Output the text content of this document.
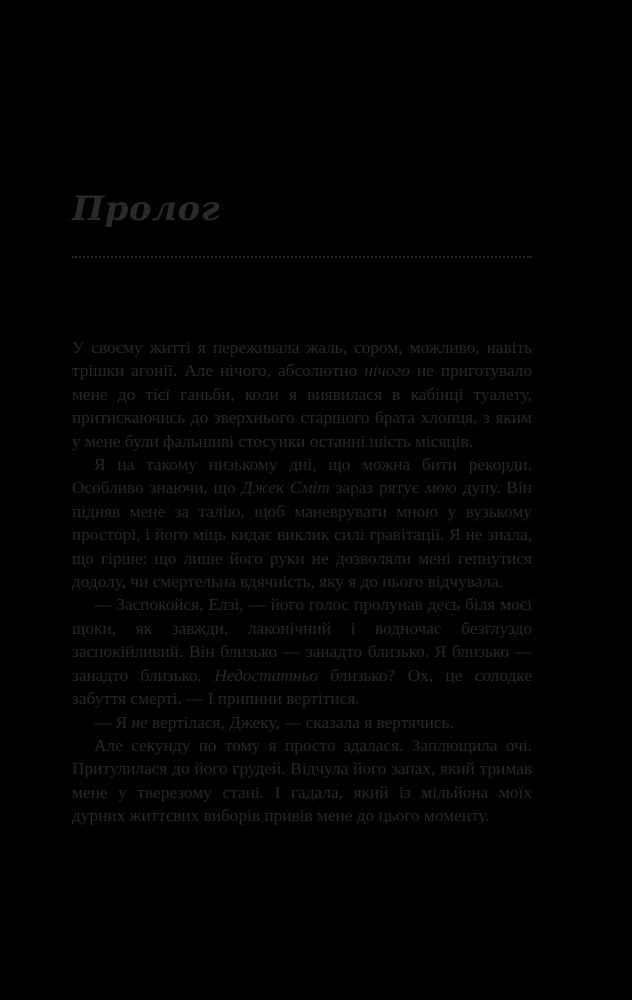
Пролог

У своєму житті я переживала жаль, сором, можливо, навіть трішки агонії. Але нічого, абсолютно нічого не приготувало мене до тієї ганьби, коли я виявилася в кабінці туалету, притискаючись до зверхнього старшого брата хлопця, з яким у мене були фальшиві стосунки останні шість місяців.

Я на такому низькому дні, що можна бити рекорди. Особливо знаючи, що Джек Сміт зараз рятує мою дупу. Він підняв мене за талію, щоб маневрувати мною у вузькому просторі, і його міць кидає виклик силі гравітації. Я не знала, що гірше: що лише його руки не дозволяли мені гепнутися додолу, чи смертельна вдячність, яку я до нього відчувала.

— Заспокойся, Елзі, — його голос пролунав десь біля моєї щоки, як завжди, лаконічний і водночас безглуздо заспокійливий. Він близько — занадто близько. Я близько — занадто близько. Недостатньо близько? Ох, це солодке забуття смерті. — І припини вертітися.

— Я не вертілася, Джеку, — сказала я вертячись.

Але секунду по тому я просто здалася. Заплющила очі. Притулилася до його грудей. Відчула його запах, який тримав мене у тверезому стані. І гадала, який із мільйона моїх дурних життєвих виборів привів мене до цього моменту.
